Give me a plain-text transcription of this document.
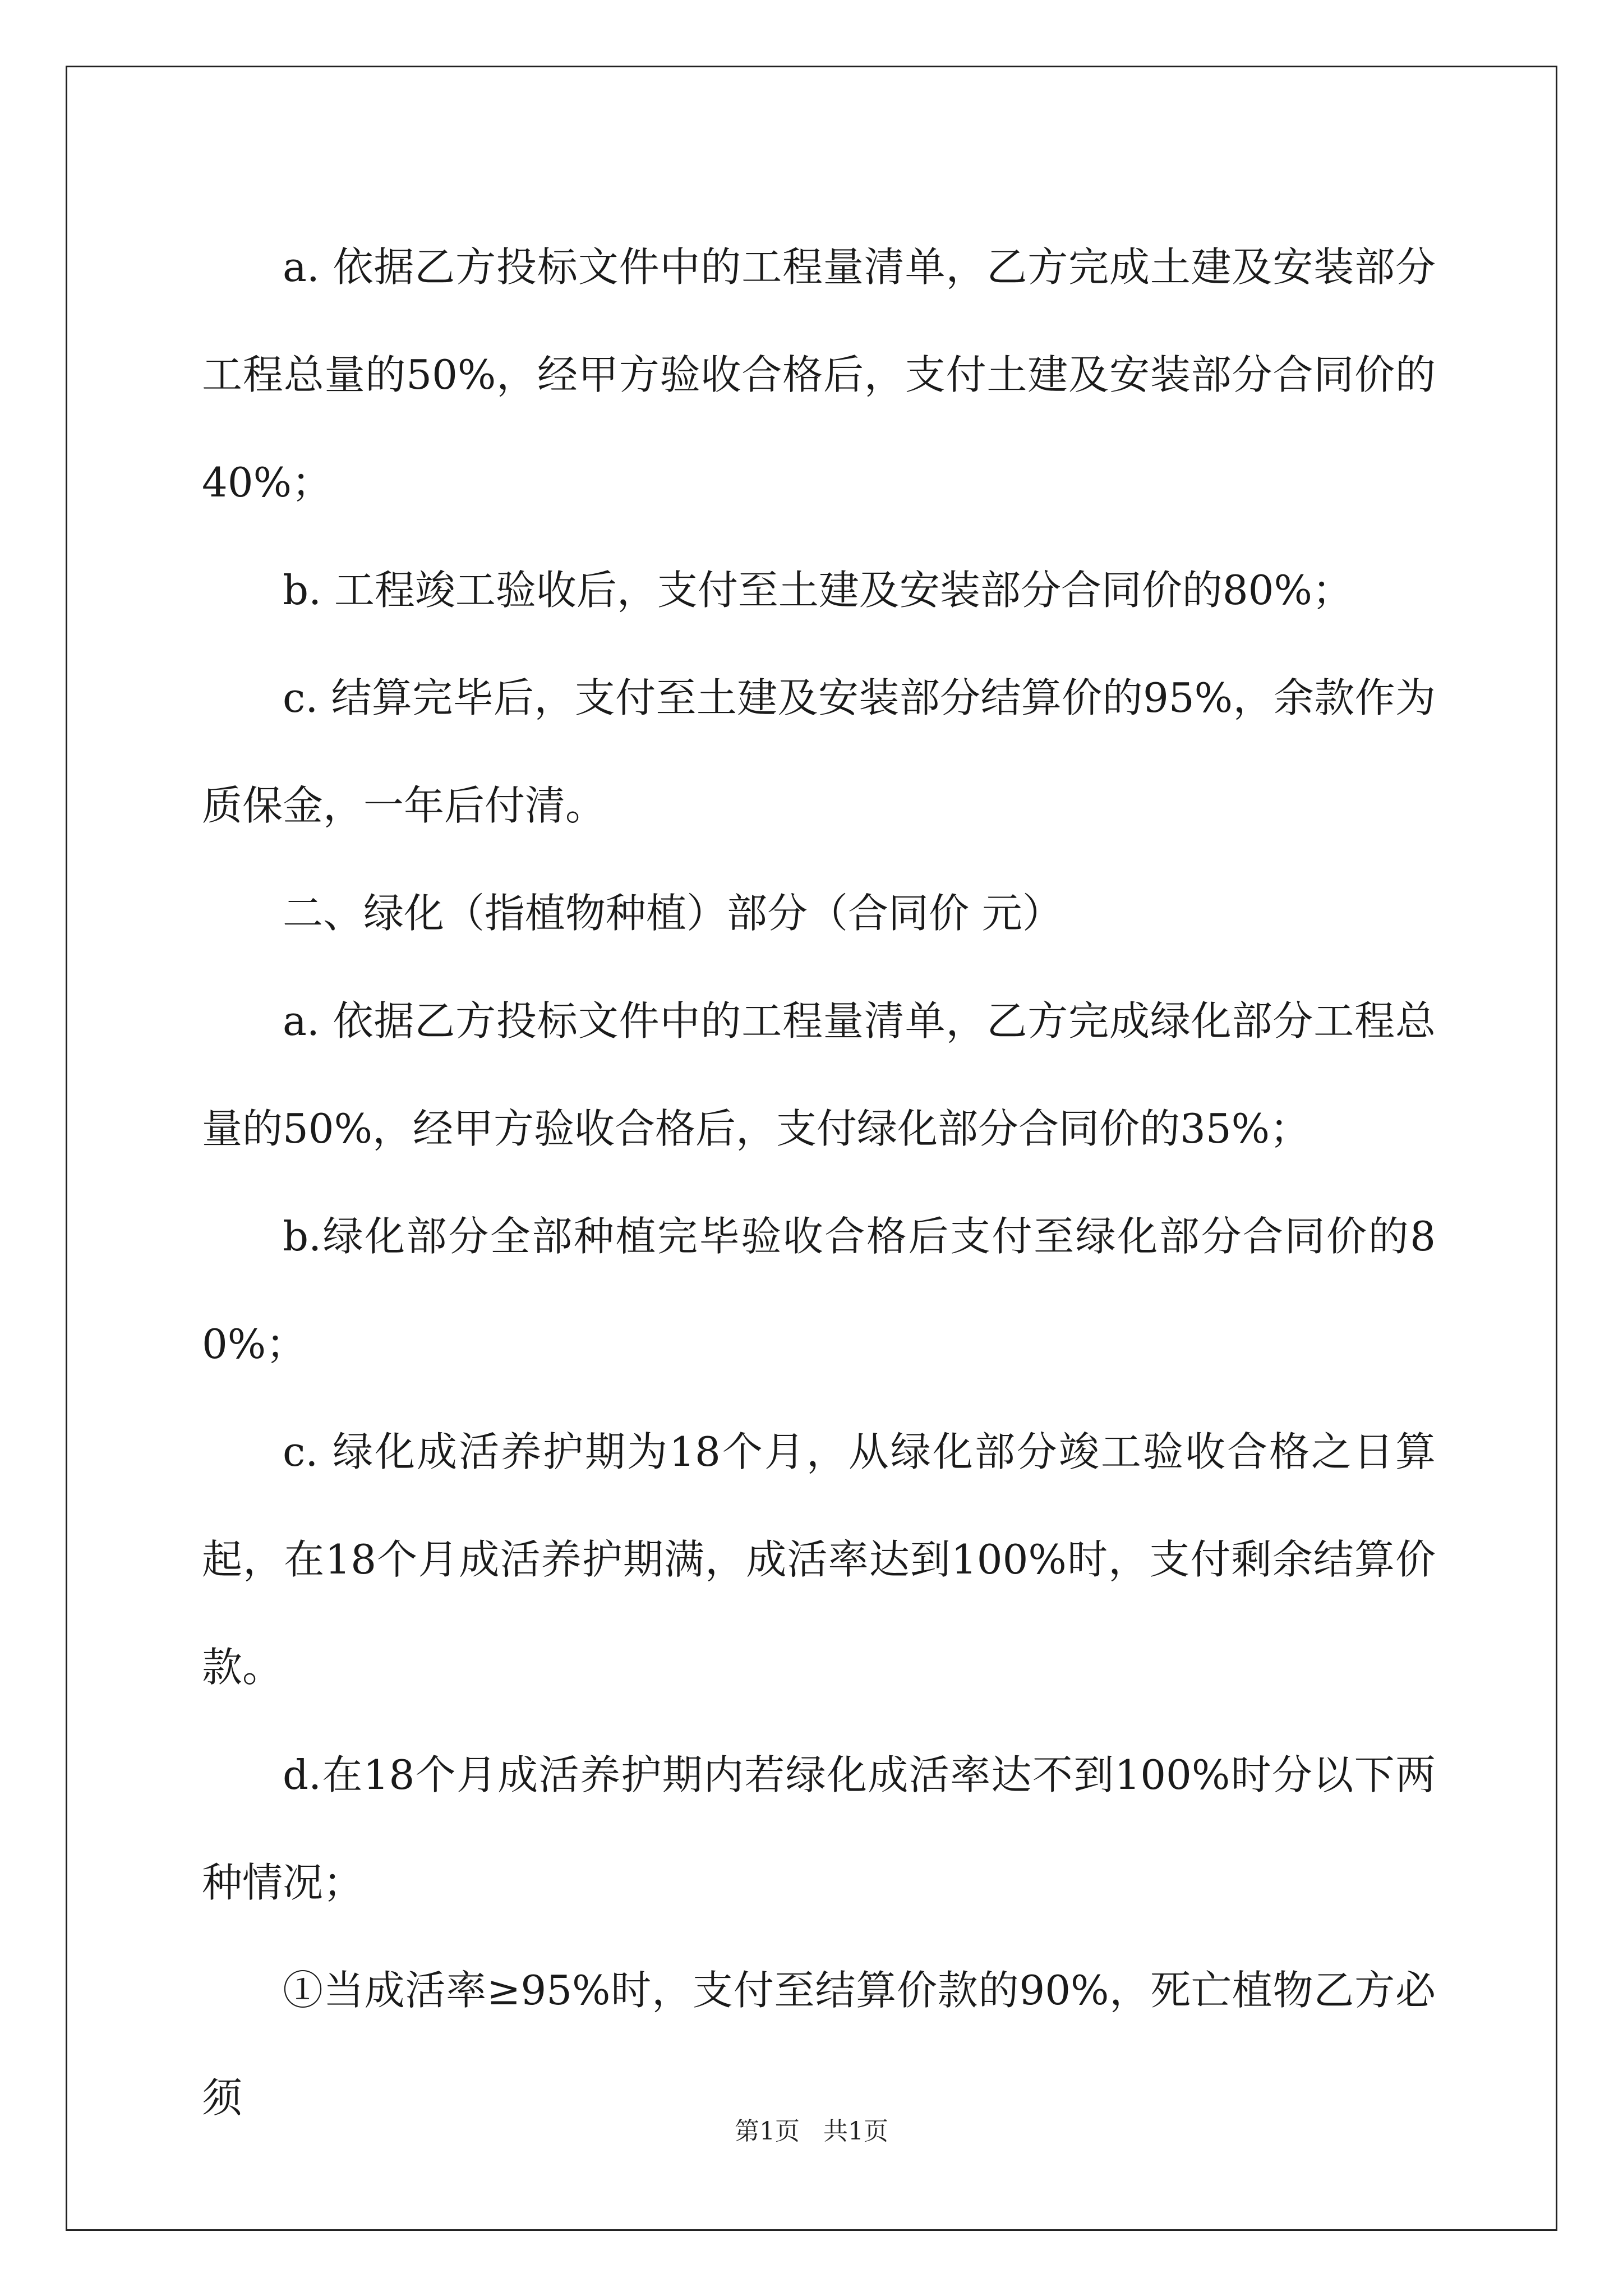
a. 依据乙方投标文件中的工程量清单，乙方完成土建及安装部分工程总量的50%，经甲方验收合格后，支付土建及安装部分合同价的40%；

b. 工程竣工验收后，支付至土建及安装部分合同价的80%；

c. 结算完毕后，支付至土建及安装部分结算价的95%，余款作为质保金，一年后付清。

二、绿化（指植物种植）部分（合同价 元）

a. 依据乙方投标文件中的工程量清单，乙方完成绿化部分工程总量的50%，经甲方验收合格后，支付绿化部分合同价的35%；

b.绿化部分全部种植完毕验收合格后支付至绿化部分合同价的80%；

c. 绿化成活养护期为18个月，从绿化部分竣工验收合格之日算起，在18个月成活养护期满，成活率达到100%时，支付剩余结算价款。

d.在18个月成活养护期内若绿化成活率达不到100%时分以下两种情况；

①当成活率≥95%时，支付至结算价款的90%，死亡植物乙方必须

第1页 共1页
